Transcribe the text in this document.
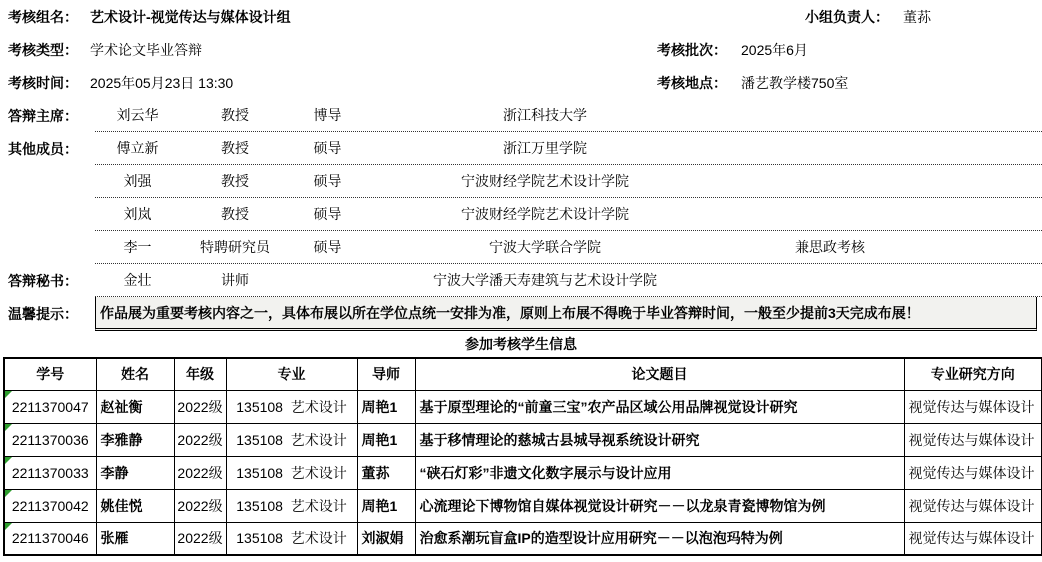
考核组名： 艺术设计-视觉传达与媒体设计组	小组负责人： 董荪
考核类型： 学术论文毕业答辩	考核批次： 2025年6月
考核时间： 2025年05月23日 13:30	考核地点： 潘艺教学楼750室
答辩主席：	刘云华	教授	博导	浙江科技大学
其他成员：	傅立新	教授	硕导	浙江万里学院
刘强	教授	硕导	宁波财经学院艺术设计学院
刘岚	教授	硕导	宁波财经学院艺术设计学院
李一	特聘研究员	硕导	宁波大学联合学院	兼思政考核
答辩秘书：	金壮	讲师	宁波大学潘天寿建筑与艺术设计学院
温馨提示：	作品展为重要考核内容之一，具体布展以所在学位点统一安排为准，原则上布展不得晚于毕业答辩时间，一般至少提前3天完成布展！
参加考核学生信息
学号	姓名	年级	专业	导师	论文题目	专业研究方向

2211370047	赵祉衡	2022级	135108  艺术设计	周艳1	基于原型理论的“前童三宝”农产品区域公用品牌视觉设计研究	视觉传达与媒体设计

2211370036	李雅静	2022级	135108  艺术设计	周艳1	基于移情理论的慈城古县城导视系统设计研究	视觉传达与媒体设计

2211370033	李静	2022级	135108  艺术设计	董荪	“硖石灯彩”非遗文化数字展示与设计应用	视觉传达与媒体设计

2211370042	姚佳悦	2022级	135108  艺术设计	周艳1	心流理论下博物馆自媒体视觉设计研究－－以龙泉青瓷博物馆为例	视觉传达与媒体设计

2211370046	张雁	2022级	135108  艺术设计	刘淑娟	治愈系潮玩盲盒IP的造型设计应用研究－－以泡泡玛特为例	视觉传达与媒体设计
